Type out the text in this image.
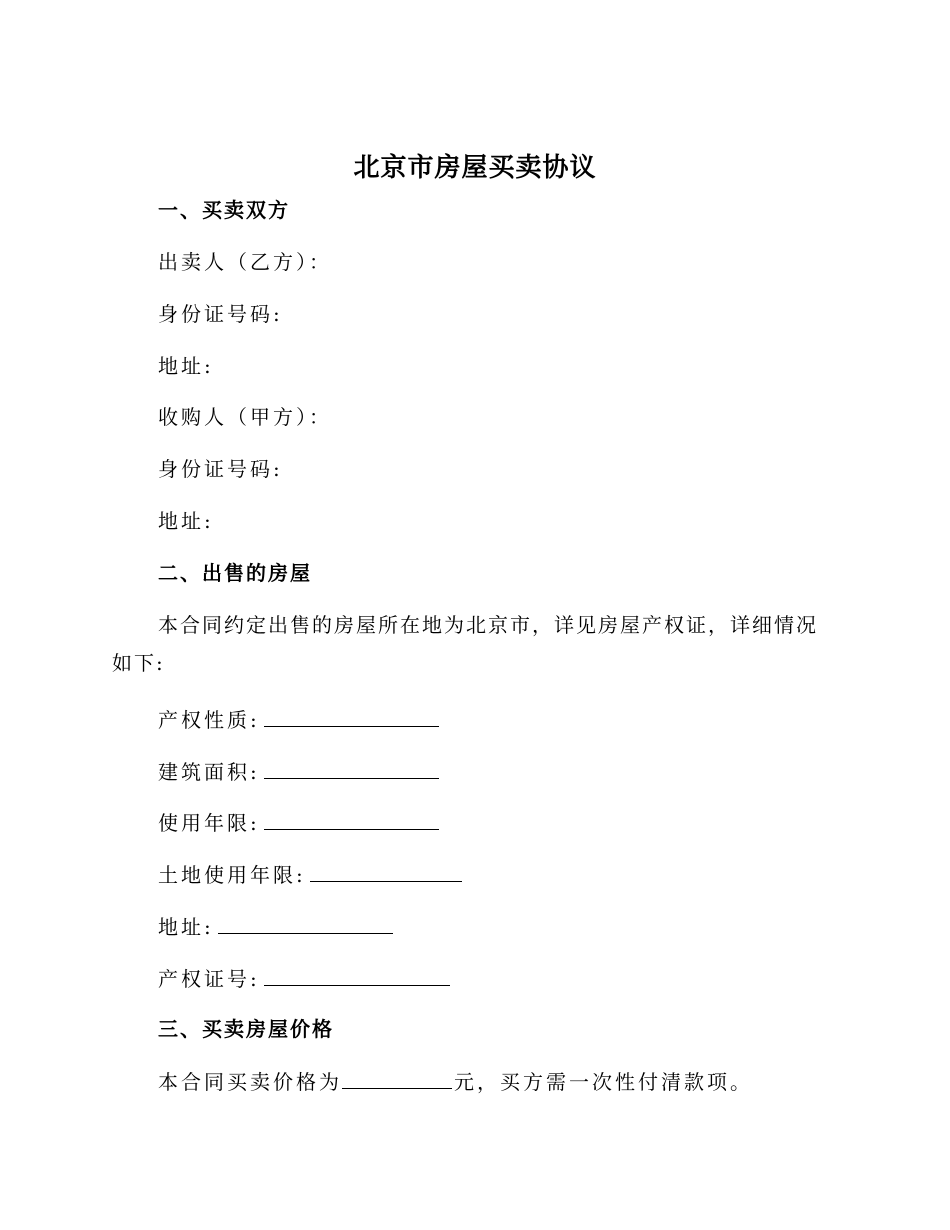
北京市房屋买卖协议
一、买卖双方
出卖人（乙方）：
身份证号码:
地址:
收购人（甲方）：
身份证号码:
地址:
二、出售的房屋
本合同约定出售的房屋所在地为北京市，详见房屋产权证，详细情况如下:
产权性质:
建筑面积:
使用年限:
土地使用年限:
地址:
产权证号:
三、买卖房屋价格
本合同买卖价格为	元，买方需一次性付清款项。
